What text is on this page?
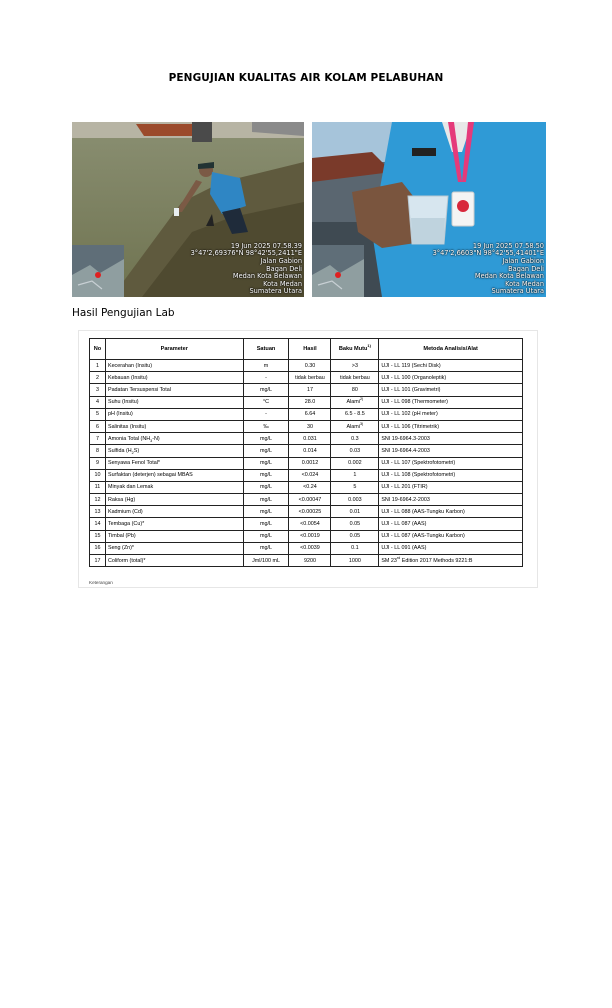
PENGUJIAN KUALITAS AIR KOLAM PELABUHAN
19 Jun 2025 07.58.39
3°47'2,69376"N 98°42'55,2411"E
Jalan Gabion
Bagan Deli
Medan Kota Belawan
Kota Medan
Sumatera Utara
19 Jun 2025 07.58.50
3°47'2,6603"N 98°42'55,41401"E
Jalan Gabion
Bagan Deli
Medan Kota Belawan
Kota Medan
Sumatera Utara
Hasil Pengujian Lab
No	Parameter	Satuan	Hasil	Baku Mutu$^{1)}$	Metoda Analisis/Alat
1	Kecerahan (Insitu)	m	0.30	>3	UJI - LL 119 (Sechi Disk)
2	Kebauan (Insitu)	-	tidak berbau	tidak berbau	UJI - LL 100 (Organoleptik)
3	Padatan Tersuspensi Total	mg/L	17	80	UJI - LL 101 (Gravimetri)
4	Suhu (Insitu)	°C	28.0	Alami$^{2)}$	UJI - LL 098 (Thermometer)
5	pH (Insitu)	-	6.64	6.5 - 8.5	UJI - LL 102 (pH meter)
6	Salinitas (Insitu)	‰	30	Alami$^{3)}$	UJI - LL 106 (Titrimetrik)
7	Amonia Total $(NH_3-N)$	mg/L	0.031	0.3	SNI 19-6964.3-2003
8	Sulfida $(H_2S)$	mg/L	0.014	0.03	SNI 19-6964.4-2003
9	Senyawa Fenol Total*	mg/L	0.0012	0.002	UJI - LL 107 (Spektrofotometri)
10	Surfaktan (deterjen) sebagai MBAS	mg/L	<0.024	1	UJI - LL 108 (Spektrofotometri)
11	Minyak dan Lemak	mg/L	<0.24	5	UJI - LL 201 (FTIR)
12	Raksa (Hg)	mg/L	<0.00047	0.003	SNI 19-6964.2-2003
13	Kadmium (Cd)	mg/L	<0.00025	0.01	UJI - LL 088 (AAS-Tungku Karbon)
14	Tembaga (Cu)*	mg/L	<0.0054	0.05	UJI - LL 087 (AAS)
15	Timbal (Pb)	mg/L	<0.0019	0.05	UJI - LL 087 (AAS-Tungku Karbon)
16	Seng (Zn)*	mg/L	<0.0039	0.1	UJI - LL 091 (AAS)
17	Coliform (total)*	Jml/100 mL	9200	1000	SM 23rd Edition 2017 Methods 9221:B
Keterangan
